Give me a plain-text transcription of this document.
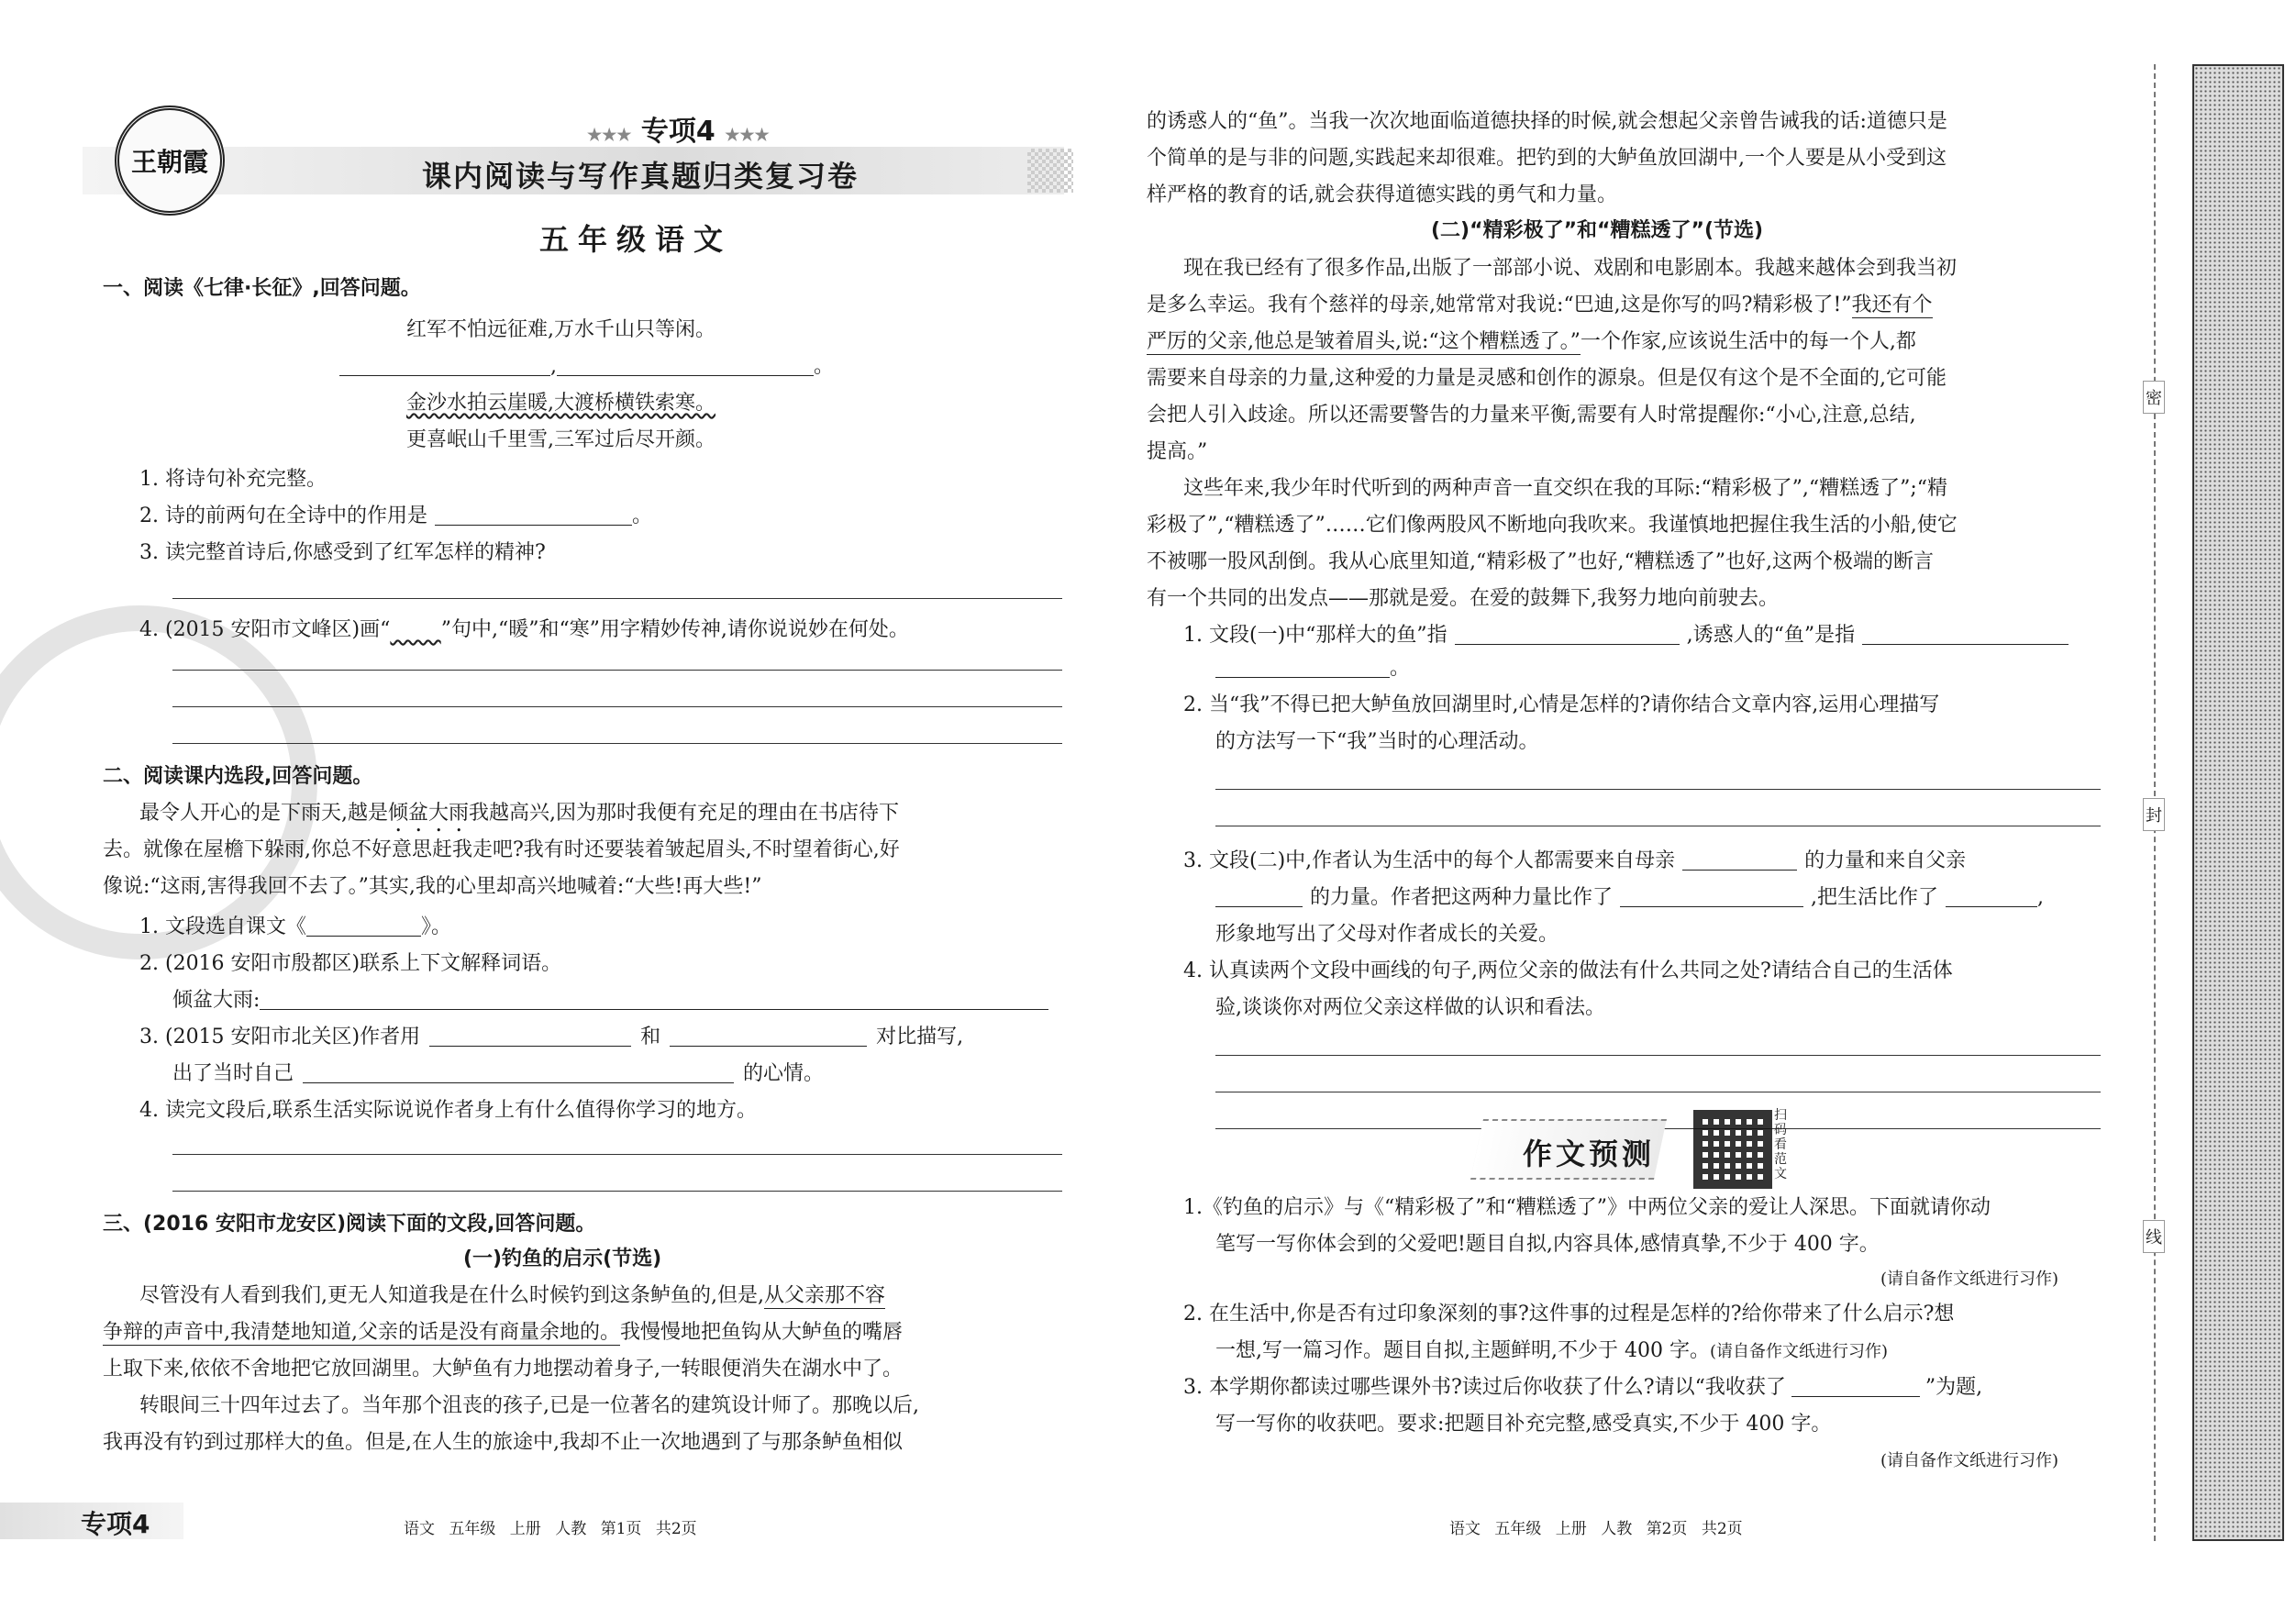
王朝霞
★★★ 专项4 ★★★
课内阅读与写作真题归类复习卷
五年级语文
一、阅读《七律·长征》,回答问题。
红军不怕远征难,万水千山只等闲。
,	。
金沙水拍云崖暖,大渡桥横铁索寒。
更喜岷山千里雪,三军过后尽开颜。
1. 将诗句补充完整。
2. 诗的前两句在全诗中的作用是	。
3. 读完整首诗后,你感受到了红军怎样的精神?
4. (2015 安阳市文峰区)画“~~~”句中,“暖”和“寒”用字精妙传神,请你说说妙在何处。
二、阅读课内选段,回答问题。
最令人开心的是下雨天,越是倾盆大雨我越高兴,因为那时我便有充足的理由在书店待下
去。就像在屋檐下躲雨,你总不好意思赶我走吧?我有时还要装着皱起眉头,不时望着街心,好
像说:“这雨,害得我回不去了。”其实,我的心里却高兴地喊着:“大些!再大些!”
1. 文段选自课文《	》。
2. (2016 安阳市殷都区)联系上下文解释词语。
倾盆大雨:
3. (2015 安阳市北关区)作者用	和	对比描写,
出了当时自己	的心情。
4. 读完文段后,联系生活实际说说作者身上有什么值得你学习的地方。
三、(2016 安阳市龙安区)阅读下面的文段,回答问题。
(一)钓鱼的启示(节选)
尽管没有人看到我们,更无人知道我是在什么时候钓到这条鲈鱼的,但是,从父亲那不容
争辩的声音中,我清楚地知道,父亲的话是没有商量余地的。我慢慢地把鱼钩从大鲈鱼的嘴唇
上取下来,依依不舍地把它放回湖里。大鲈鱼有力地摆动着身子,一转眼便消失在湖水中了。
转眼间三十四年过去了。当年那个沮丧的孩子,已是一位著名的建筑设计师了。那晚以后,
我再没有钓到过那样大的鱼。但是,在人生的旅途中,我却不止一次地遇到了与那条鲈鱼相似
专项4	语文 五年级 上册 人教 第1页 共2页
的诱惑人的“鱼”。当我一次次地面临道德抉择的时候,就会想起父亲曾告诫我的话:道德只是
个简单的是与非的问题,实践起来却很难。把钓到的大鲈鱼放回湖中,一个人要是从小受到这
样严格的教育的话,就会获得道德实践的勇气和力量。
(二)“精彩极了”和“糟糕透了”(节选)
现在我已经有了很多作品,出版了一部部小说、戏剧和电影剧本。我越来越体会到我当初
是多么幸运。我有个慈祥的母亲,她常常对我说:“巴迪,这是你写的吗?精彩极了!”我还有个
严厉的父亲,他总是皱着眉头,说:“这个糟糕透了。”一个作家,应该说生活中的每一个人,都
需要来自母亲的力量,这种爱的力量是灵感和创作的源泉。但是仅有这个是不全面的,它可能
会把人引入歧途。所以还需要警告的力量来平衡,需要有人时常提醒你:“小心,注意,总结,
提高。”
这些年来,我少年时代听到的两种声音一直交织在我的耳际:“精彩极了”,“糟糕透了”;“精
彩极了”,“糟糕透了”……它们像两股风不断地向我吹来。我谨慎地把握住我生活的小船,使它
不被哪一股风刮倒。我从心底里知道,“精彩极了”也好,“糟糕透了”也好,这两个极端的断言
有一个共同的出发点——那就是爱。在爱的鼓舞下,我努力地向前驶去。
1. 文段(一)中“那样大的鱼”指	,诱惑人的“鱼”是指
。
2. 当“我”不得已把大鲈鱼放回湖里时,心情是怎样的?请你结合文章内容,运用心理描写
的方法写一下“我”当时的心理活动。
3. 文段(二)中,作者认为生活中的每个人都需要来自母亲	的力量和来自父亲
的力量。作者把这两种力量比作了	,把生活比作了	,
形象地写出了父母对作者成长的关爱。
4. 认真读两个文段中画线的句子,两位父亲的做法有什么共同之处?请结合自己的生活体
验,谈谈你对两位父亲这样做的认识和看法。
作文预测
扫码看范文
1.《钓鱼的启示》与《“精彩极了”和“糟糕透了”》中两位父亲的爱让人深思。下面就请你动
笔写一写你体会到的父爱吧!题目自拟,内容具体,感情真挚,不少于 400 字。
(请自备作文纸进行习作)
2. 在生活中,你是否有过印象深刻的事?这件事的过程是怎样的?给你带来了什么启示?想
一想,写一篇习作。题目自拟,主题鲜明,不少于 400 字。(请自备作文纸进行习作)
3. 本学期你都读过哪些课外书?读过后你收获了什么?请以“我收获了	”为题,
写一写你的收获吧。要求:把题目补充完整,感受真实,不少于 400 字。
(请自备作文纸进行习作)
语文 五年级 上册 人教 第2页 共2页
密
封
线
